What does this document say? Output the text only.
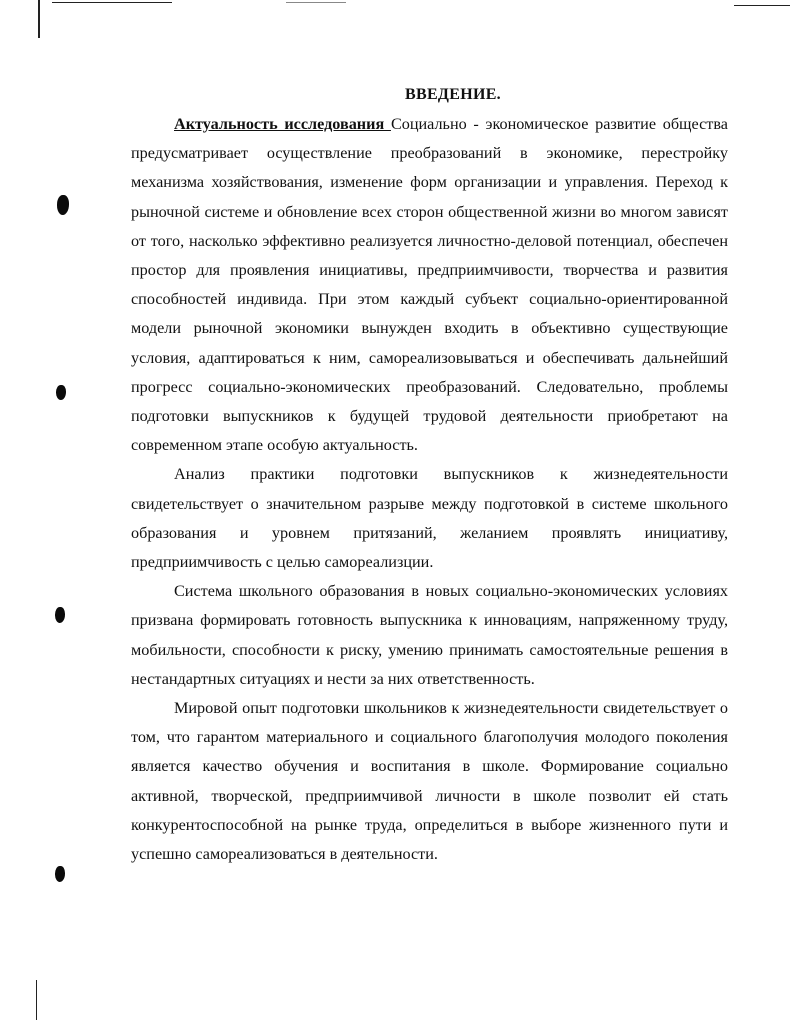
ВВЕДЕНИЕ.

Актуальность исследования Социально - экономическое развитие общества предусматривает осуществление преобразований в экономике, перестройку механизма хозяйствования, изменение форм организации и управления. Переход к рыночной системе и обновление всех сторон общественной жизни во многом зависят от того, насколько эффективно реализуется личностно-деловой потенциал, обеспечен простор для проявления инициативы, предприимчивости, творчества и развития способностей индивида. При этом каждый субъект социально-ориентированной модели рыночной экономики вынужден входить в объективно существующие условия, адаптироваться к ним, самореализовываться и обеспечивать дальнейший прогресс социально-экономических преобразований. Следовательно, проблемы подготовки выпускников к будущей трудовой деятельности приобретают на современном этапе особую актуальность.

Анализ практики подготовки выпускников к жизнедеятельности свидетельствует о значительном разрыве между подготовкой в системе школьного образования и уровнем притязаний, желанием проявлять инициативу, предприимчивость с целью самореализции.

Система школьного образования в новых социально-экономических условиях призвана формировать готовность выпускника к инновациям, напряженному труду, мобильности, способности к риску, умению принимать самостоятельные решения в нестандартных ситуациях и нести за них ответственность.

Мировой опыт подготовки школьников к жизнедеятельности свидетельствует о том, что гарантом материального и социального благополучия молодого поколения является качество обучения и воспитания в школе. Формирование социально активной, творческой, предприимчивой личности в школе позволит ей стать конкурентоспособной на рынке труда, определиться в выборе жизненного пути и успешно самореализоваться в деятельности.
